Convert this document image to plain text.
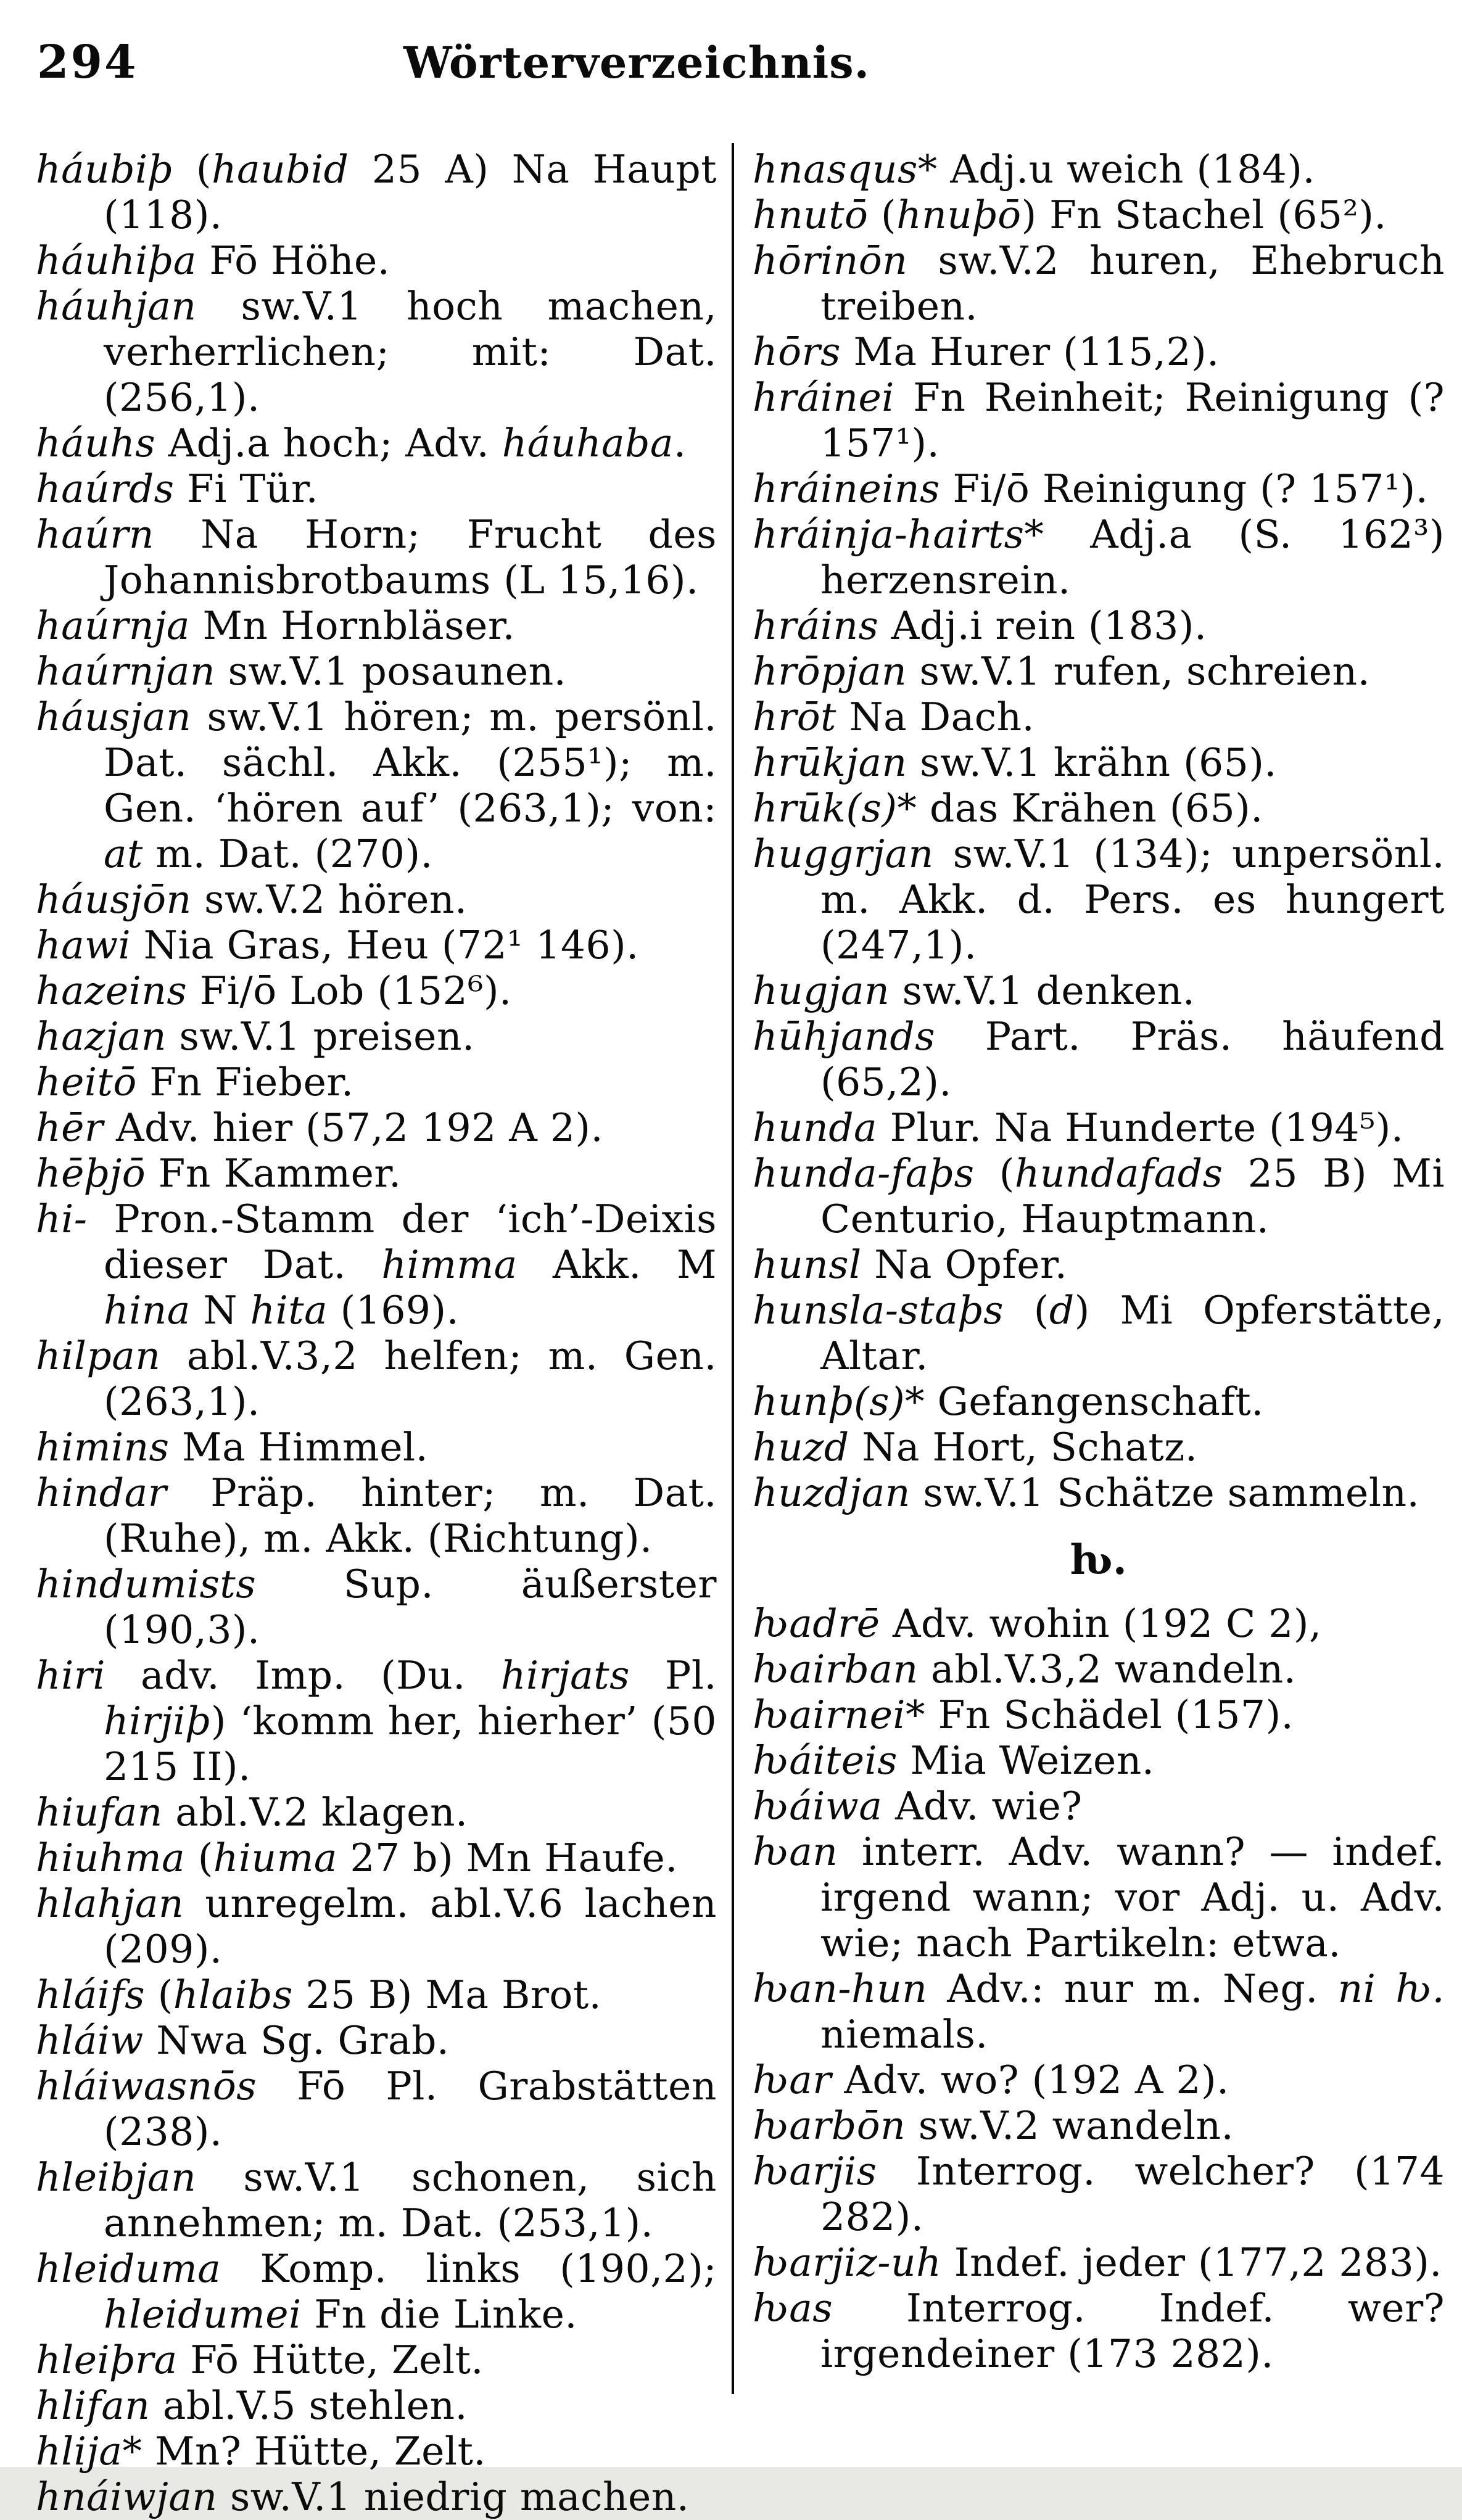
294	Wörterverzeichnis.

háubiþ (haubid 25 A) Na Haupt (118).

háuhiþa Fō Höhe.

háuhjan sw.V.1 hoch machen, verherrlichen; mit: Dat. (256,1).

háuhs Adj.a hoch; Adv. háuhaba.

haúrds Fi Tür.

haúrn Na Horn; Frucht des Johannisbrotbaums (L 15,16).

haúrnja Mn Hornbläser.

haúrnjan sw.V.1 posaunen.

háusjan sw.V.1 hören; m. persönl. Dat. sächl. Akk. (255¹); m. Gen. ‘hören auf’ (263,1); von: at m. Dat. (270).

háusjōn sw.V.2 hören.

hawi Nia Gras, Heu (72¹ 146).

hazeins Fi/ō Lob (152⁶).

hazjan sw.V.1 preisen.

heitō Fn Fieber.

hēr Adv. hier (57,2 192 A 2).

hēþjō Fn Kammer.

hi- Pron.-Stamm der ‘ich’-Deixis dieser Dat. himma Akk. M hina N hita (169).

hilpan abl.V.3,2 helfen; m. Gen. (263,1).

himins Ma Himmel.

hindar Präp. hinter; m. Dat. (Ruhe), m. Akk. (Richtung).

hindumists Sup. äußerster (190,3).

hiri adv. Imp. (Du. hirjats Pl. hirjiþ) ‘komm her, hierher’ (50 215 II).

hiufan abl.V.2 klagen.

hiuhma (hiuma 27 b) Mn Haufe.

hlahjan unregelm. abl.V.6 lachen (209).

hláifs (hlaibs 25 B) Ma Brot.

hláiw Nwa Sg. Grab.

hláiwasnōs Fō Pl. Grabstätten (238).

hleibjan sw.V.1 schonen, sich annehmen; m. Dat. (253,1).

hleiduma Komp. links (190,2); hleidumei Fn die Linke.

hleiþra Fō Hütte, Zelt.

hlifan abl.V.5 stehlen.

hlija* Mn? Hütte, Zelt.

hnáiwjan sw.V.1 niedrig machen.

hnasqus* Adj.u weich (184).

hnutō (hnuþō) Fn Stachel (65²).

hōrinōn sw.V.2 huren, Ehebruch treiben.

hōrs Ma Hurer (115,2).

hráinei Fn Reinheit; Reinigung (? 157¹).

hráineins Fi/ō Reinigung (? 157¹).

hráinja-hairts* Adj.a (S. 162³) herzensrein.

hráins Adj.i rein (183).

hrōpjan sw.V.1 rufen, schreien.

hrōt Na Dach.

hrūkjan sw.V.1 krähn (65).

hrūk(s)* das Krähen (65).

huggrjan sw.V.1 (134); unpersönl. m. Akk. d. Pers. es hungert (247,1).

hugjan sw.V.1 denken.

hūhjands Part. Präs. häufend (65,2).

hunda Plur. Na Hunderte (194⁵).

hunda-faþs (hundafads 25 B) Mi Centurio, Hauptmann.

hunsl Na Opfer.

hunsla-staþs (d) Mi Opferstätte, Altar.

hunþ(s)* Gefangenschaft.

huzd Na Hort, Schatz.

huzdjan sw.V.1 Schätze sammeln.

ƕ.

ƕadrē Adv. wohin (192 C 2),

ƕairban abl.V.3,2 wandeln.

ƕairnei* Fn Schädel (157).

ƕáiteis Mia Weizen.

ƕáiwa Adv. wie?

ƕan interr. Adv. wann? — indef. irgend wann; vor Adj. u. Adv. wie; nach Partikeln: etwa.

ƕan-hun Adv.: nur m. Neg. ni ƕ. niemals.

ƕar Adv. wo? (192 A 2).

ƕarbōn sw.V.2 wandeln.

ƕarjis Interrog. welcher? (174 282).

ƕarjiz-uh Indef. jeder (177,2 283).

ƕas Interrog. Indef. wer? irgendeiner (173 282).
